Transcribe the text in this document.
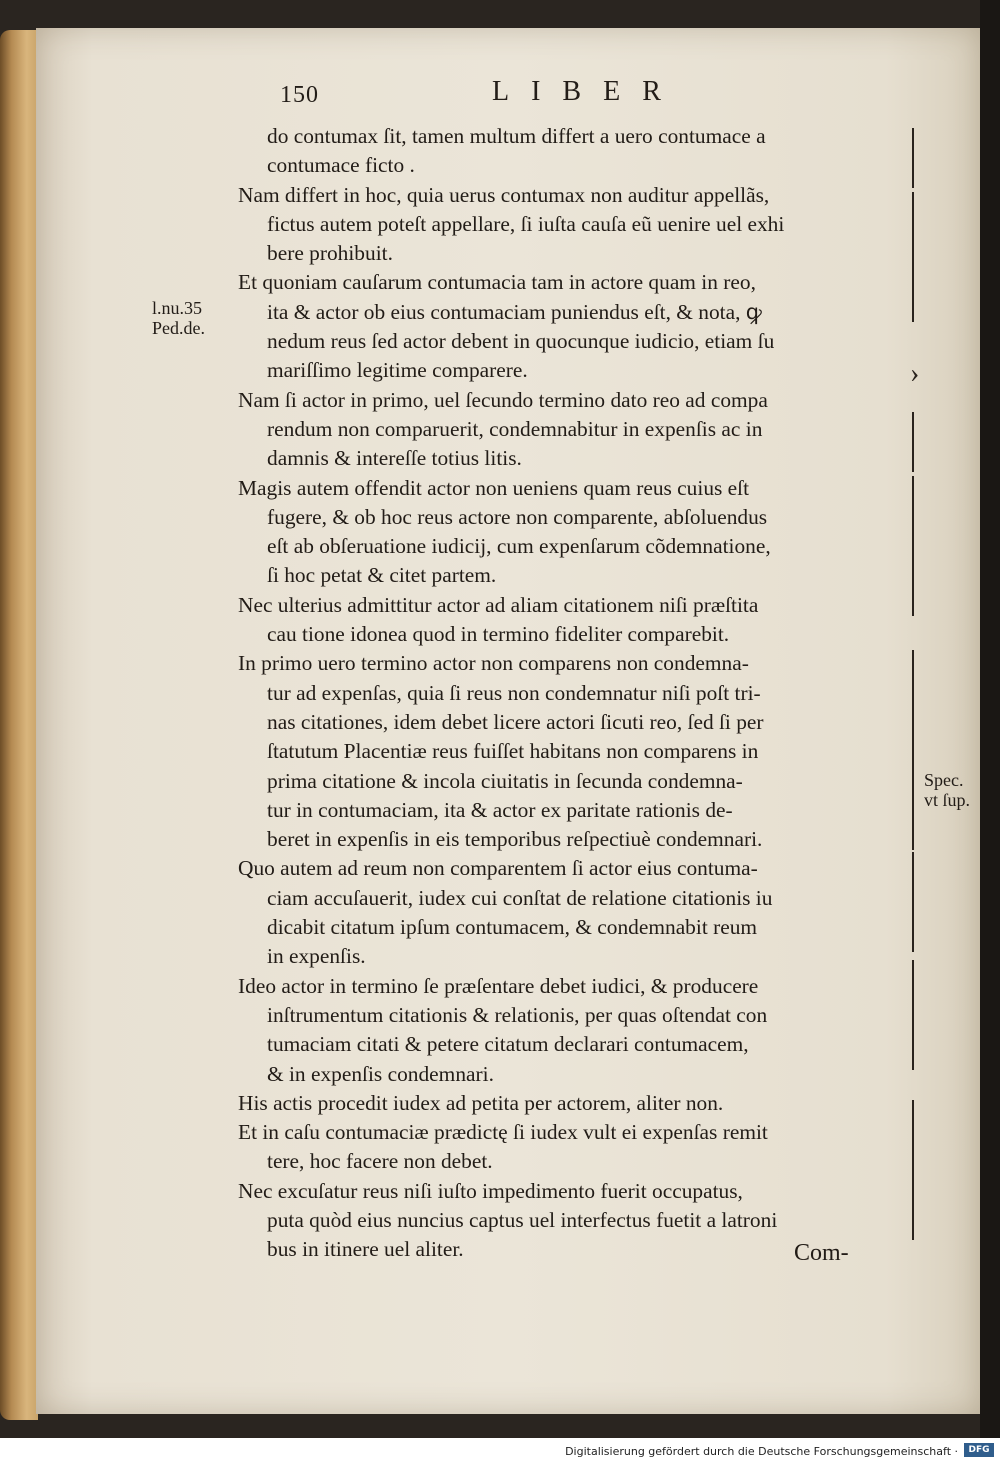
150	LIBER
do contumax ſit, tamen multum differt a uero contumace a
contumace ficto .
Nam differt in hoc, quia uerus contumax non auditur appellãs,
fictus autem poteſt appellare, ſi iuſta cauſa eũ uenire uel exhi
bere prohibuit.
Et quoniam cauſarum contumacia tam in actore quam in reo,
ita & actor ob eius contumaciam puniendus eſt, & nota, ꝙ
nedum reus ſed actor debent in quocunque iudicio, etiam ſu
mariſſimo legitime comparere.
Nam ſi actor in primo, uel ſecundo termino dato reo ad compa
rendum non comparuerit, condemnabitur in expenſis ac in
damnis & intereſſe totius litis.
Magis autem offendit actor non ueniens quam reus cuius eſt
fugere, & ob hoc reus actore non comparente, abſoluendus
eſt ab obſeruatione iudicij, cum expenſarum cõdemnatione,
ſi hoc petat & citet partem.
Nec ulterius admittitur actor ad aliam citationem niſi præſtita
cau tione idonea quod in termino fideliter comparebit.
In primo uero termino actor non comparens non condemna-
tur ad expenſas, quia ſi reus non condemnatur niſi poſt tri-
nas citationes, idem debet licere actori ſicuti reo, ſed ſi per
ſtatutum Placentiæ reus fuiſſet habitans non comparens in
prima citatione & incola ciuitatis in ſecunda condemna-
tur in contumaciam, ita & actor ex paritate rationis de-
beret in expenſis in eis temporibus reſpectiuè condemnari.
Quo autem ad reum non comparentem ſi actor eius contuma-
ciam accuſauerit, iudex cui conſtat de relatione citationis iu
dicabit citatum ipſum contumacem, & condemnabit reum
in expenſis.
Ideo actor in termino ſe præſentare debet iudici, & producere
inſtrumentum citationis & relationis, per quas oſtendat con
tumaciam citati & petere citatum declarari contumacem,
& in expenſis condemnari.
His actis procedit iudex ad petita per actorem, aliter non.
Et in caſu contumaciæ prædictę ſi iudex vult ei expenſas remit
tere, hoc facere non debet.
Nec excuſatur reus niſi iuſto impedimento fuerit occupatus,
puta quòd eius nuncius captus uel interfectus fuetit a latroni
bus in itinere uel aliter.
›
l.nu.35
Ped.de.
Spec.
vt ſup.
Com-
Digitalisierung gefördert durch die Deutsche Forschungsgemeinschaft ·	DFG
